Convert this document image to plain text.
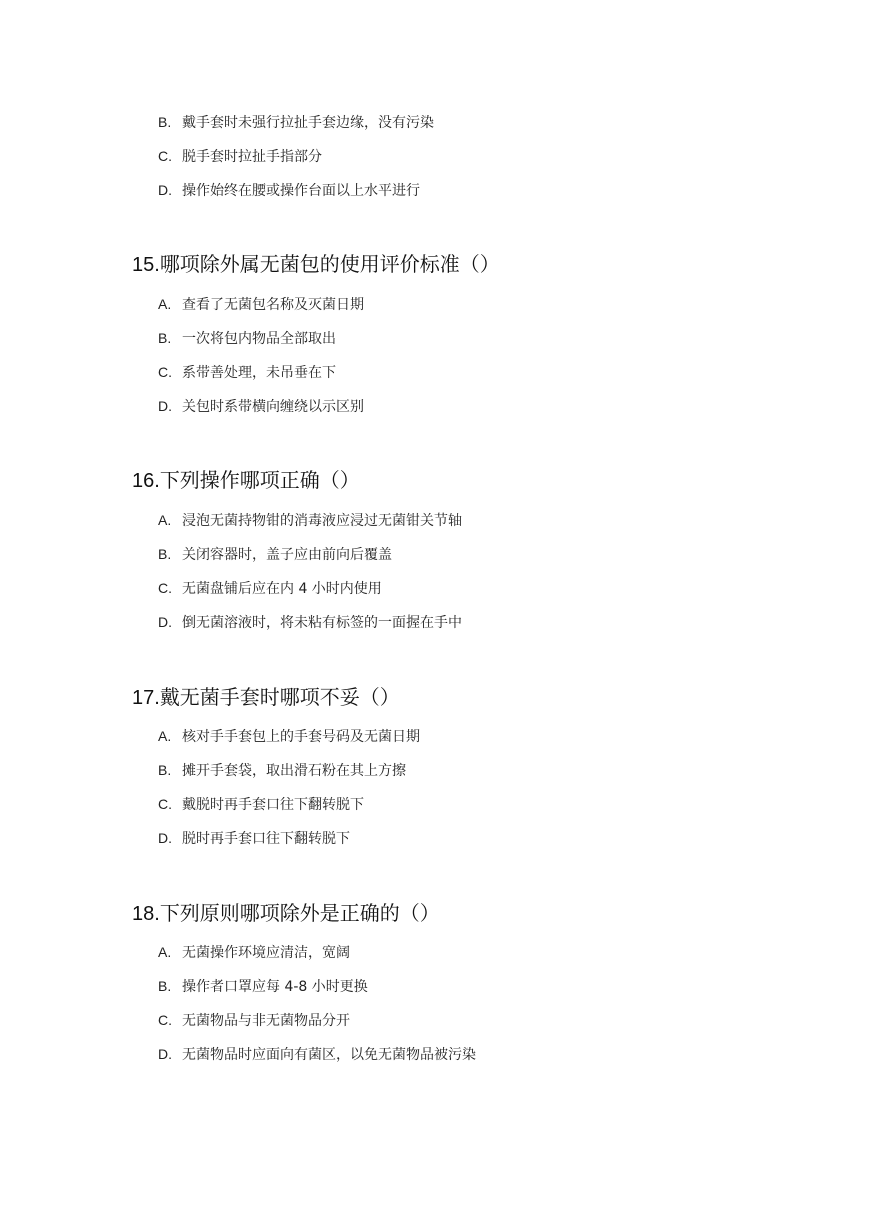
B. 戴手套时未强行拉扯手套边缘，没有污染
C. 脱手套时拉扯手指部分
D. 操作始终在腰或操作台面以上水平进行
15.哪项除外属无菌包的使用评价标准（）
A. 查看了无菌包名称及灭菌日期
B. 一次将包内物品全部取出
C. 系带善处理，未吊垂在下
D. 关包时系带横向缠绕以示区别
16.下列操作哪项正确（）
A. 浸泡无菌持物钳的消毒液应浸过无菌钳关节轴
B. 关闭容器时，盖子应由前向后覆盖
C. 无菌盘铺后应在内 4 小时内使用
D. 倒无菌溶液时，将未粘有标签的一面握在手中
17.戴无菌手套时哪项不妥（）
A. 核对手手套包上的手套号码及无菌日期
B. 摊开手套袋，取出滑石粉在其上方擦
C. 戴脱时再手套口往下翻转脱下
D. 脱时再手套口往下翻转脱下
18.下列原则哪项除外是正确的（）
A. 无菌操作环境应清洁，宽阔
B. 操作者口罩应每 4-8 小时更换
C. 无菌物品与非无菌物品分开
D. 无菌物品时应面向有菌区，以免无菌物品被污染
